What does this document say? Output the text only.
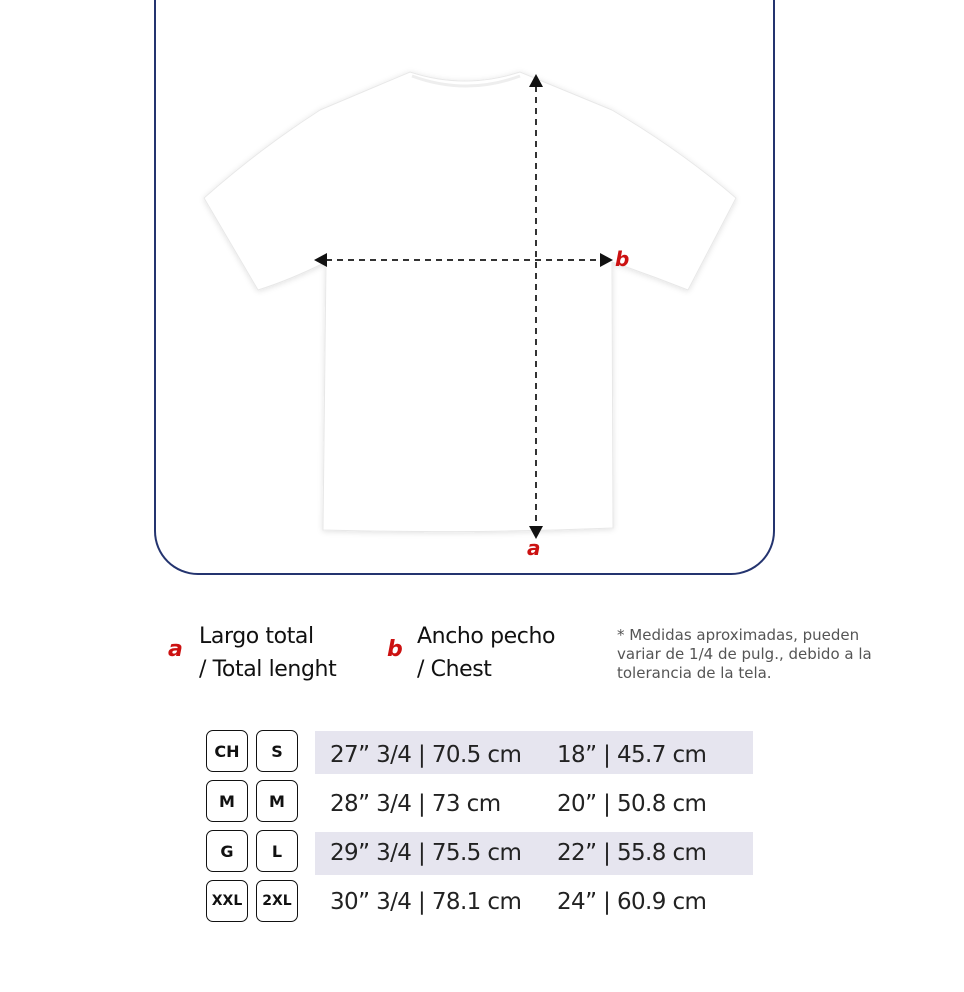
a
b
a
Largo total
/ Total lenght
b
Ancho pecho
/ Chest
* Medidas aproximadas, pueden
variar de 1/4 de pulg., debido a la
tolerancia de la tela.
CH	S	27” 3/4 | 70.5 cm 18” | 45.7 cm
M	M	28” 3/4 | 73 cm 20” | 50.8 cm
G	L	29” 3/4 | 75.5 cm 22” | 55.8 cm
XXL	2XL 30” 3/4 | 78.1 cm 24” | 60.9 cm
